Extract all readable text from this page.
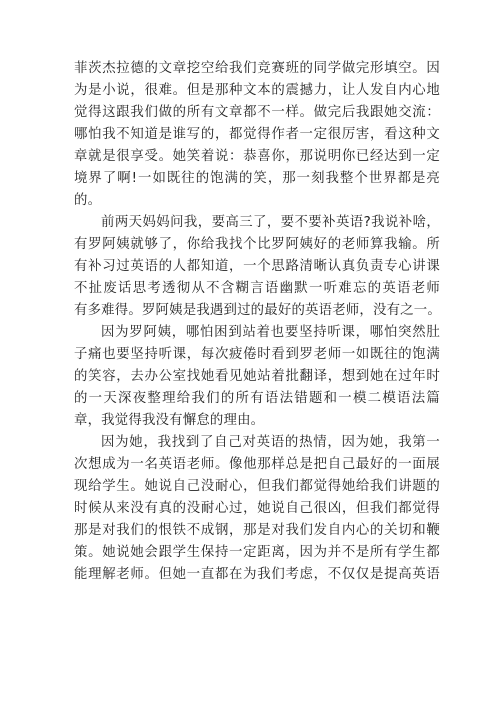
菲茨杰拉德的文章挖空给我们竞赛班的同学做完形填空。因
为是小说，很难。但是那种文本的震撼力，让人发自内心地
觉得这跟我们做的所有文章都不一样。做完后我跟她交流：
哪怕我不知道是谁写的，都觉得作者一定很厉害，看这种文
章就是很享受。她笑着说：恭喜你，那说明你已经达到一定
境界了啊!一如既往的饱满的笑，那一刻我整个世界都是亮
的。
前两天妈妈问我，要高三了，要不要补英语?我说补啥，
有罗阿姨就够了，你给我找个比罗阿姨好的老师算我输。所
有补习过英语的人都知道，一个思路清晰认真负责专心讲课
不扯废话思考透彻从不含糊言语幽默一听难忘的英语老师
有多难得。罗阿姨是我遇到过的最好的英语老师，没有之一。
因为罗阿姨，哪怕困到站着也要坚持听课，哪怕突然肚
子痛也要坚持听课，每次疲倦时看到罗老师一如既往的饱满
的笑容，去办公室找她看见她站着批翻译，想到她在过年时
的一天深夜整理给我们的所有语法错题和一模二模语法篇
章，我觉得我没有懈怠的理由。
因为她，我找到了自己对英语的热情，因为她，我第一
次想成为一名英语老师。像他那样总是把自己最好的一面展
现给学生。她说自己没耐心，但我们都觉得她给我们讲题的
时候从来没有真的没耐心过，她说自己很凶，但我们都觉得
那是对我们的恨铁不成钢，那是对我们发自内心的关切和鞭
策。她说她会跟学生保持一定距离，因为并不是所有学生都
能理解老师。但她一直都在为我们考虑，不仅仅是提高英语
